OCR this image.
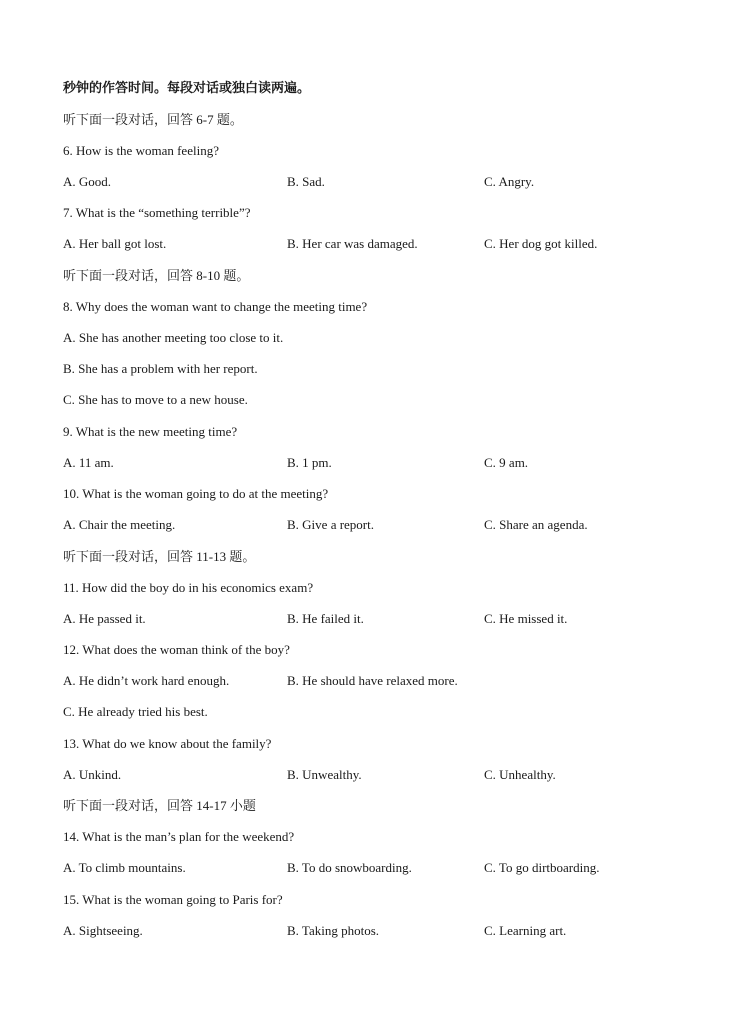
秒钟的作答时间。每段对话或独白读两遍。
听下面一段对话，回答 6-7 题。
6. How is the woman feeling?
A. Good.	B. Sad.	C. Angry.
7. What is the “something terrible”?
A. Her ball got lost.	B. Her car was damaged.	C. Her dog got killed.
听下面一段对话，回答 8-10 题。
8. Why does the woman want to change the meeting time?
A. She has another meeting too close to it.
B. She has a problem with her report.
C. She has to move to a new house.
9. What is the new meeting time?
A. 11 am.	B. 1 pm.	C. 9 am.
10. What is the woman going to do at the meeting?
A. Chair the meeting.	B. Give a report.	C. Share an agenda.
听下面一段对话，回答 11-13 题。
11. How did the boy do in his economics exam?
A. He passed it.	B. He failed it.	C. He missed it.
12. What does the woman think of the boy?
A. He didn’t work hard enough.	B. He should have relaxed more.
C. He already tried his best.
13. What do we know about the family?
A. Unkind.	B. Unwealthy.	C. Unhealthy.
听下面一段对话，回答 14-17 小题
14. What is the man’s plan for the weekend?
A. To climb mountains.	B. To do snowboarding.	C. To go dirtboarding.
15. What is the woman going to Paris for?
A. Sightseeing.	B. Taking photos.	C. Learning art.
